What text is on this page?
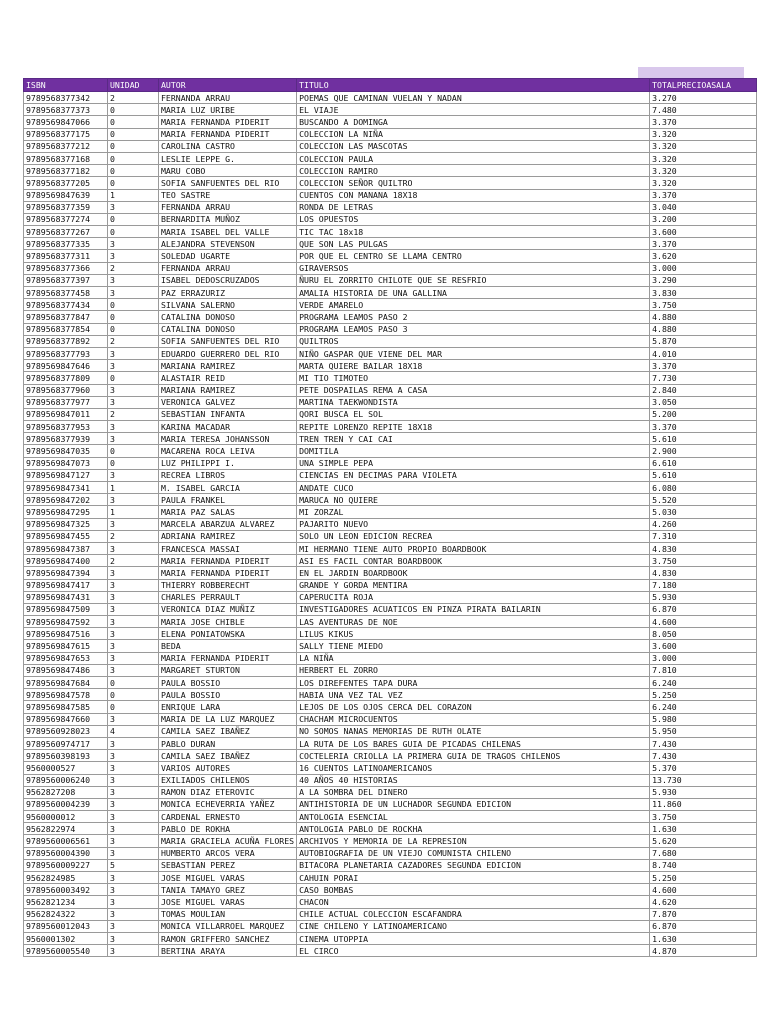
ISBN	UNIDAD	AUTOR	TITULO	TOTALPRECIOASALA
9789568377342	2	FERNANDA ARRAU	POEMAS QUE CAMINAN VUELAN Y NADAN	3.270
9789568377373	0	MARIA LUZ URIBE	EL VIAJE	7.480
9789569847066	0	MARIA FERNANDA PIDERIT	BUSCANDO A DOMINGA	3.370
9789568377175	0	MARIA FERNANDA PIDERIT	COLECCION LA NIÑA	3.320
9789568377212	0	CAROLINA CASTRO	COLECCION LAS MASCOTAS	3.320
9789568377168	0	LESLIE LEPPE G.	COLECCION PAULA	3.320
9789568377182	0	MARU COBO	COLECCION RAMIRO	3.320
9789568377205	0	SOFIA SANFUENTES DEL RIO	COLECCION SEÑOR QUILTRO	3.320
9789569847639	1	TEO SASTRE	CUENTOS CON MANANA 18X18	3.370
9789568377359	3	FERNANDA ARRAU	RONDA DE LETRAS	3.040
9789568377274	0	BERNARDITA MUÑOZ	LOS OPUESTOS	3.200
9789568377267	0	MARIA ISABEL DEL VALLE	TIC TAC 18x18	3.600
9789568377335	3	ALEJANDRA STEVENSON	QUE SON LAS PULGAS	3.370
9789568377311	3	SOLEDAD UGARTE	POR QUE EL CENTRO SE LLAMA CENTRO	3.620
9789568377366	2	FERNANDA ARRAU	GIRAVERSOS	3.000
9789568377397	3	ISABEL DEDOSCRUZADOS	ÑURU EL ZORRITO CHILOTE QUE SE RESFRIO	3.290
9789568377458	3	PAZ ERRAZURIZ	AMALIA HISTORIA DE UNA GALLINA	3.830
9789568377434	0	SILVANA SALERNO	VERDE AMARELO	3.750
9789568377847	0	CATALINA DONOSO	PROGRAMA LEAMOS PASO 2	4.880
9789568377854	0	CATALINA DONOSO	PROGRAMA LEAMOS PASO 3	4.880
9789568377892	2	SOFIA SANFUENTES DEL RIO	QUILTROS	5.870
9789568377793	3	EDUARDO GUERRERO DEL RIO	NIÑO GASPAR QUE VIENE DEL MAR	4.010
9789569847646	3	MARIANA RAMIREZ	MARTA QUIERE BAILAR 18X18	3.370
9789568377809	0	ALASTAIR REID	MI TIO TIMOTEO	7.730
9789568377960	3	MARIANA RAMIREZ	PETE DOSPAILAS REMA A CASA	2.840
9789568377977	3	VERONICA GALVEZ	MARTINA TAEKWONDISTA	3.050
9789569847011	2	SEBASTIAN INFANTA	QORI BUSCA EL SOL	5.200
9789568377953	3	KARINA MACADAR	REPITE LORENZO REPITE 18X18	3.370
9789568377939	3	MARIA TERESA JOHANSSON	TREN TREN Y CAI CAI	5.610
9789569847035	0	MACARENA ROCA LEIVA	DOMITILA	2.900
9789569847073	0	LUZ PHILIPPI I.	UNA SIMPLE PEPA	6.610
9789569847127	3	RECREA LIBROS	CIENCIAS EN DECIMAS PARA VIOLETA	5.610
9789569847341	1	M. ISABEL GARCIA	ANDATE CUCO	6.080
9789569847202	3	PAULA FRANKEL	MARUCA NO QUIERE	5.520
9789569847295	1	MARIA PAZ SALAS	MI ZORZAL	5.030
9789569847325	3	MARCELA ABARZUA ALVAREZ	PAJARITO NUEVO	4.260
9789569847455	2	ADRIANA RAMIREZ	SOLO UN LEON EDICION RECREA	7.310
9789569847387	3	FRANCESCA MASSAI	MI HERMANO TIENE AUTO PROPIO BOARDBOOK	4.830
9789569847400	2	MARIA FERNANDA PIDERIT	ASI ES FACIL CONTAR BOARDBOOK	3.750
9789569847394	3	MARIA FERNANDA PIDERIT	EN EL JARDIN BOARDBOOK	4.830
9789569847417	3	THIERRY ROBBERECHT	GRANDE Y GORDA MENTIRA	7.180
9789569847431	3	CHARLES PERRAULT	CAPERUCITA ROJA	5.930
9789569847509	3	VERONICA DIAZ MUÑIZ	INVESTIGADORES ACUATICOS EN PINZA PIRATA BAILARIN	6.870
9789569847592	3	MARIA JOSE CHIBLE	LAS AVENTURAS DE NOE	4.600
9789569847516	3	ELENA PONIATOWSKA	LILUS KIKUS	8.050
9789569847615	3	BEDA	SALLY TIENE MIEDO	3.600
9789569847653	3	MARIA FERNANDA PIDERIT	LA NIÑA	3.000
9789569847486	3	MARGARET STURTON	HERBERT EL ZORRO	7.810
9789569847684	0	PAULA BOSSIO	LOS DIREFENTES TAPA DURA	6.240
9789569847578	0	PAULA BOSSIO	HABIA UNA VEZ TAL VEZ	5.250
9789569847585	0	ENRIQUE LARA	LEJOS DE LOS OJOS CERCA DEL CORAZON	6.240
9789569847660	3	MARIA DE LA LUZ MARQUEZ	CHACHAM MICROCUENTOS	5.980
9789560928023	4	CAMILA SAEZ IBAÑEZ	NO SOMOS NANAS MEMORIAS DE RUTH OLATE	5.950
9789560974717	3	PABLO DURAN	LA RUTA DE LOS BARES GUIA DE PICADAS CHILENAS	7.430
9789560398193	3	CAMILA SAEZ IBAÑEZ	COCTELERIA CRIOLLA LA PRIMERA GUIA DE TRAGOS CHILENOS	7.430
9560000527	3	VARIOS AUTORES	16 CUENTOS LATINOAMERICANOS	5.370
9789560006240	3	EXILIADOS CHILENOS	40 AÑOS 40 HISTORIAS	13.730
9562827208	3	RAMON DIAZ ETEROVIC	A LA SOMBRA DEL DINERO	5.930
9789560004239	3	MONICA ECHEVERRIA YAÑEZ	ANTIHISTORIA DE UN LUCHADOR SEGUNDA EDICION	11.860
9560000012	3	CARDENAL ERNESTO	ANTOLOGIA ESENCIAL	3.750
9562822974	3	PABLO DE ROKHA	ANTOLOGIA PABLO DE ROCKHA	1.630
9789560006561	3	MARIA GRACIELA ACUÑA FLORES	ARCHIVOS Y MEMORIA DE LA REPRESION	5.620
9789560004390	3	HUMBERTO ARCOS VERA	AUTOBIOGRAFIA DE UN VIEJO COMUNISTA CHILENO	7.680
9789560009227	5	SEBASTIAN PEREZ	BITACORA PLANETARIA CAZADORES SEGUNDA EDICION	8.740
9562824985	3	JOSE MIGUEL VARAS	CAHUIN PORAI	5.250
9789560003492	3	TANIA TAMAYO GREZ	CASO BOMBAS	4.600
9562821234	3	JOSE MIGUEL VARAS	CHACON	4.620
9562824322	3	TOMAS MOULIAN	CHILE ACTUAL COLECCION ESCAFANDRA	7.870
9789560012043	3	MONICA VILLARROEL MARQUEZ	CINE CHILENO Y LATINOAMERICANO	6.870
9560001302	3	RAMON GRIFFERO SANCHEZ	CINEMA UTOPPIA	1.630
9789560005540	3	BERTINA ARAYA	EL CIRCO	4.870
